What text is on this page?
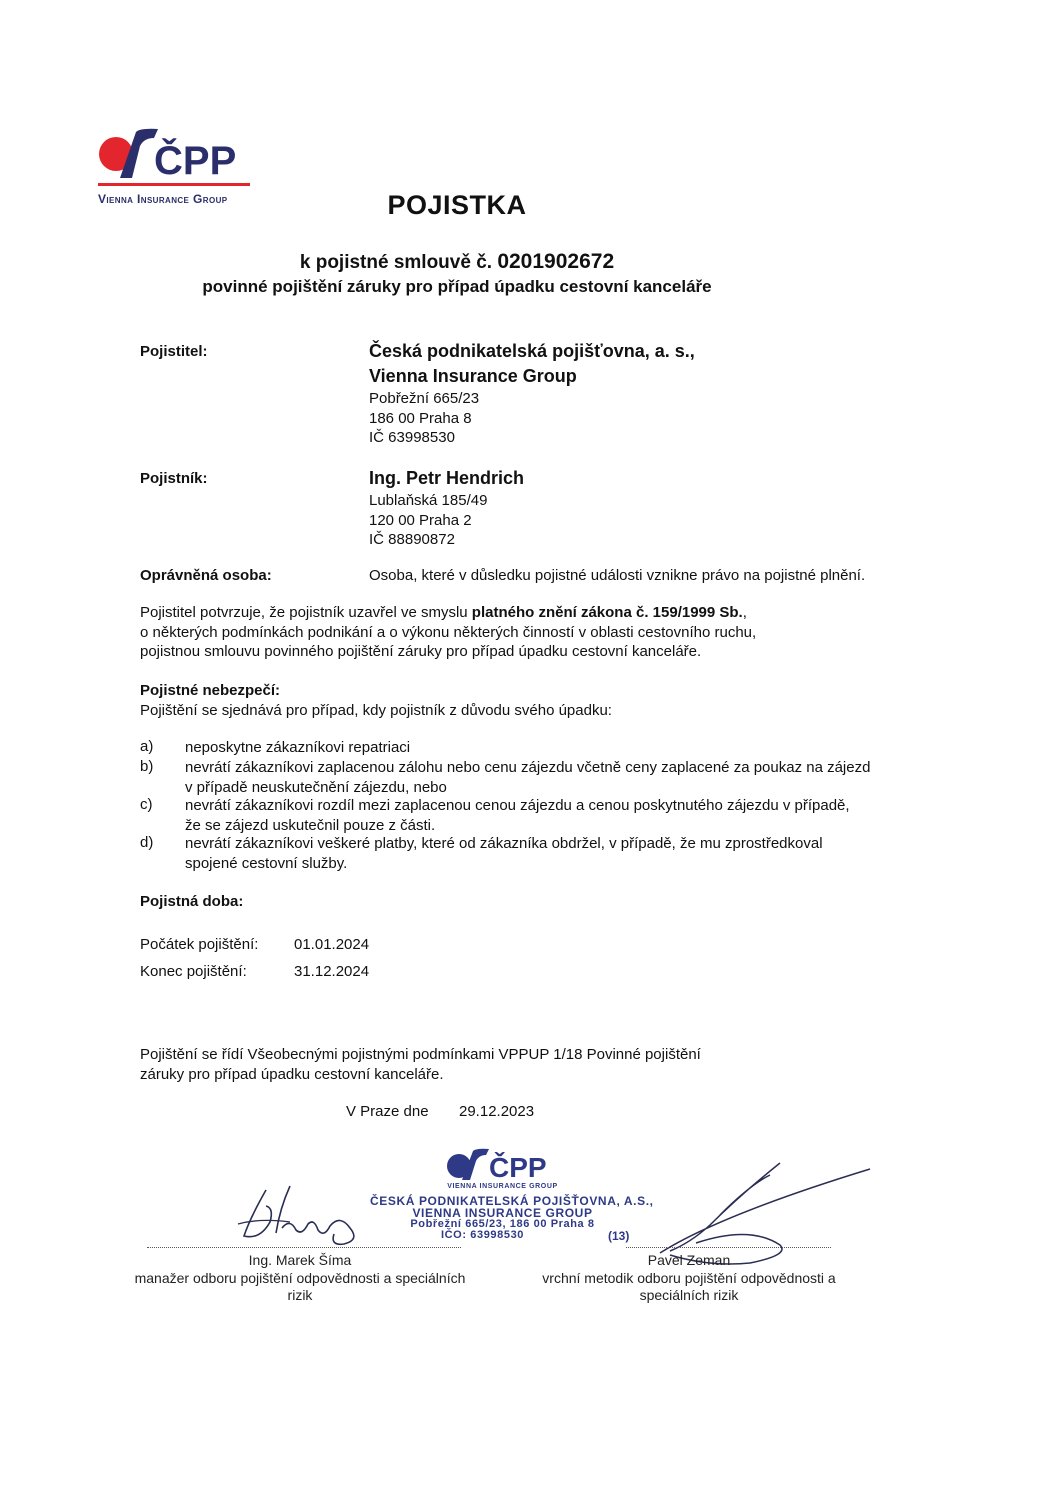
ČPP
Vienna Insurance Group	POJISTKA
k pojistné smlouvě č. 0201902672
povinné pojištění záruky pro případ úpadku cestovní kanceláře
Pojistitel:	Česká podnikatelská pojišťovna, a. s.,
Vienna Insurance Group
Pobřežní 665/23
186 00 Praha 8
IČ 63998530
Pojistník:	Ing. Petr Hendrich
Lublaňská 185/49
120 00 Praha 2
IČ 88890872
Oprávněná osoba:	Osoba, které v důsledku pojistné události vznikne právo na pojistné plnění.
Pojistitel potvrzuje, že pojistník uzavřel ve smyslu platného znění zákona č. 159/1999 Sb.,
o některých podmínkách podnikání a o výkonu některých činností v oblasti cestovního ruchu,
pojistnou smlouvu povinného pojištění záruky pro případ úpadku cestovní kanceláře.
Pojistné nebezpečí:
Pojištění se sjednává pro případ, kdy pojistník z důvodu svého úpadku:
a) neposkytne zákazníkovi repatriaci
b) nevrátí zákazníkovi zaplacenou zálohu nebo cenu zájezdu včetně ceny zaplacené za poukaz na zájezd
v případě neuskutečnění zájezdu, nebo
c) nevrátí zákazníkovi rozdíl mezi zaplacenou cenou zájezdu a cenou poskytnutého zájezdu v případě,
že se zájezd uskutečnil pouze z části.
d) nevrátí zákazníkovi veškeré platby, které od zákazníka obdržel, v případě, že mu zprostředkoval
spojené cestovní služby.
Pojistná doba:
Počátek pojištění: 01.01.2024
Konec pojištění:	31.12.2024
Pojištění se řídí Všeobecnými pojistnými podmínkami VPPUP 1/18 Povinné pojištění
záruky pro případ úpadku cestovní kanceláře.
V Praze dne 29.12.2023
ČPP
VIENNA INSURANCE GROUP
ČESKÁ PODNIKATELSKÁ POJIŠŤOVNA, A.S.,
VIENNA INSURANCE GROUP
Pobřežní 665/23, 186 00 Praha 8
IČO: 63998530	(13)
Ing. Marek Šíma
manažer odboru pojištění odpovědnosti a speciálních
rizik
Pavel Zeman
vrchní metodik odboru pojištění odpovědnosti a
speciálních rizik
